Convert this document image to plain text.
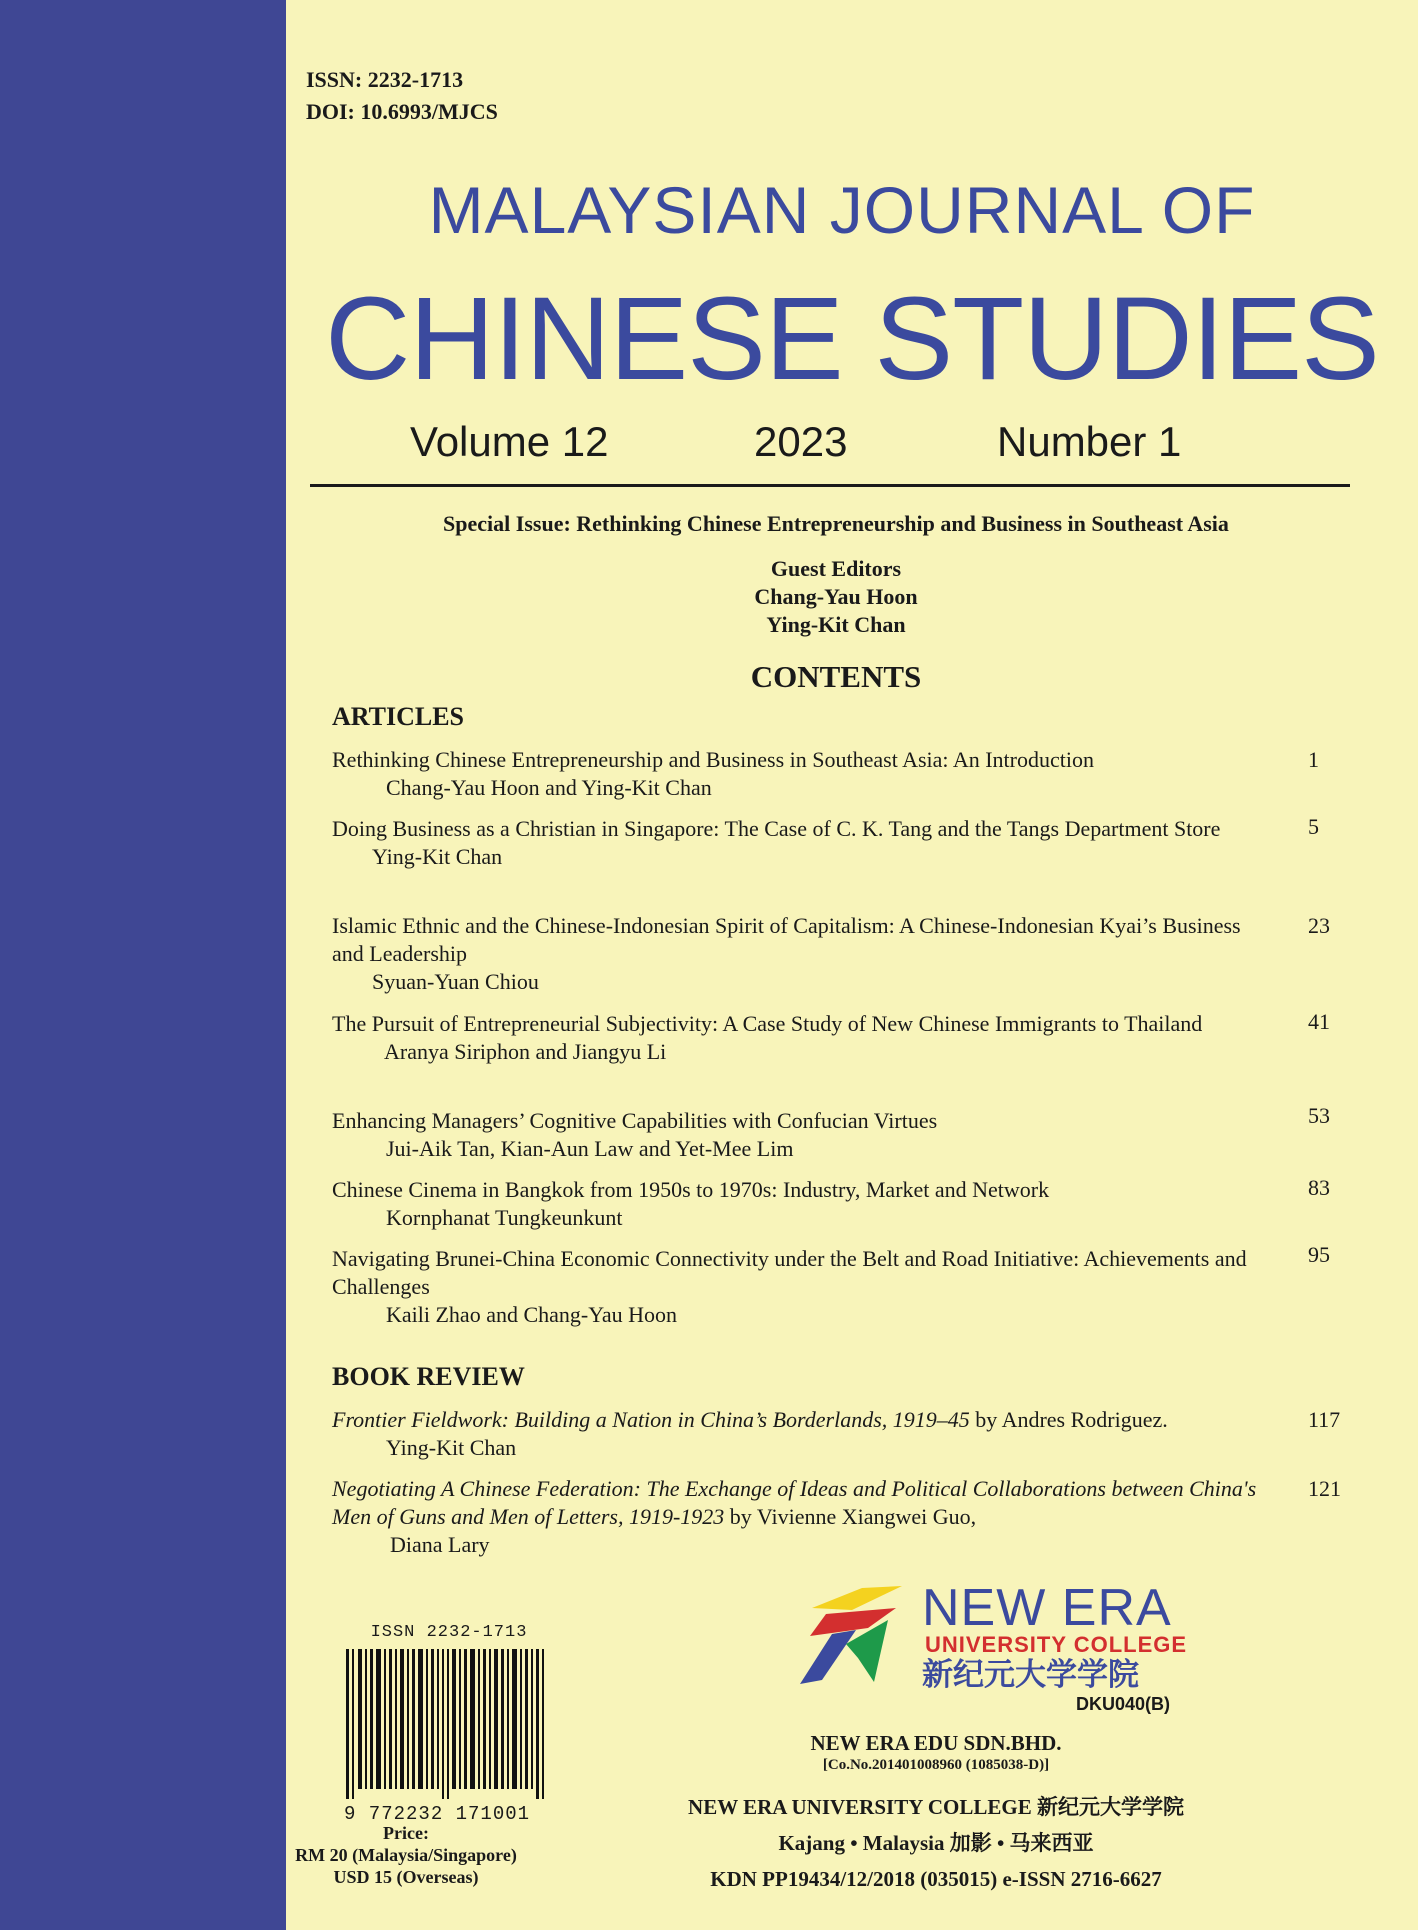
ISSN: 2232-1713
DOI: 10.6993/MJCS
MALAYSIAN JOURNAL OF
CHINESE STUDIES
Volume 12	2023	Number 1
Special Issue: Rethinking Chinese Entrepreneurship and Business in Southeast Asia
Guest Editors
Chang-Yau Hoon
Ying-Kit Chan
CONTENTS
ARTICLES
Rethinking Chinese Entrepreneurship and Business in Southeast Asia: An Introduction
Chang-Yau Hoon and Ying-Kit Chan
1
Doing Business as a Christian in Singapore: The Case of C. K. Tang and the Tangs Department Store
Ying-Kit Chan
5
Islamic Ethnic and the Chinese-Indonesian Spirit of Capitalism: A Chinese-Indonesian Kyai’s Business and Leadership
Syuan-Yuan Chiou
23
The Pursuit of Entrepreneurial Subjectivity: A Case Study of New Chinese Immigrants to Thailand
Aranya Siriphon and Jiangyu Li
41
Enhancing Managers’ Cognitive Capabilities with Confucian Virtues
Jui-Aik Tan, Kian-Aun Law and Yet-Mee Lim
53
Chinese Cinema in Bangkok from 1950s to 1970s: Industry, Market and Network
Kornphanat Tungkeunkunt
83
Navigating Brunei-China Economic Connectivity under the Belt and Road Initiative: Achievements and Challenges
Kaili Zhao and Chang-Yau Hoon
95
BOOK REVIEW
Frontier Fieldwork: Building a Nation in China’s Borderlands, 1919–45 by Andres Rodriguez.
Ying-Kit Chan
117
Negotiating A Chinese Federation: The Exchange of Ideas and Political Collaborations between China's Men of Guns and Men of Letters, 1919-1923 by Vivienne Xiangwei Guo,
Diana Lary
121
ISSN 2232-1713
9 772232 171001
Price:
RM 20 (Malaysia/Singapore)
USD 15 (Overseas)
NEW ERA
UNIVERSITY COLLEGE
新纪元大学学院
DKU040(B)
NEW ERA EDU SDN.BHD.
[Co.No.201401008960 (1085038-D)]
NEW ERA UNIVERSITY COLLEGE 新纪元大学学院
Kajang • Malaysia 加影 • 马来西亚
KDN PP19434/12/2018 (035015) e-ISSN 2716-6627
